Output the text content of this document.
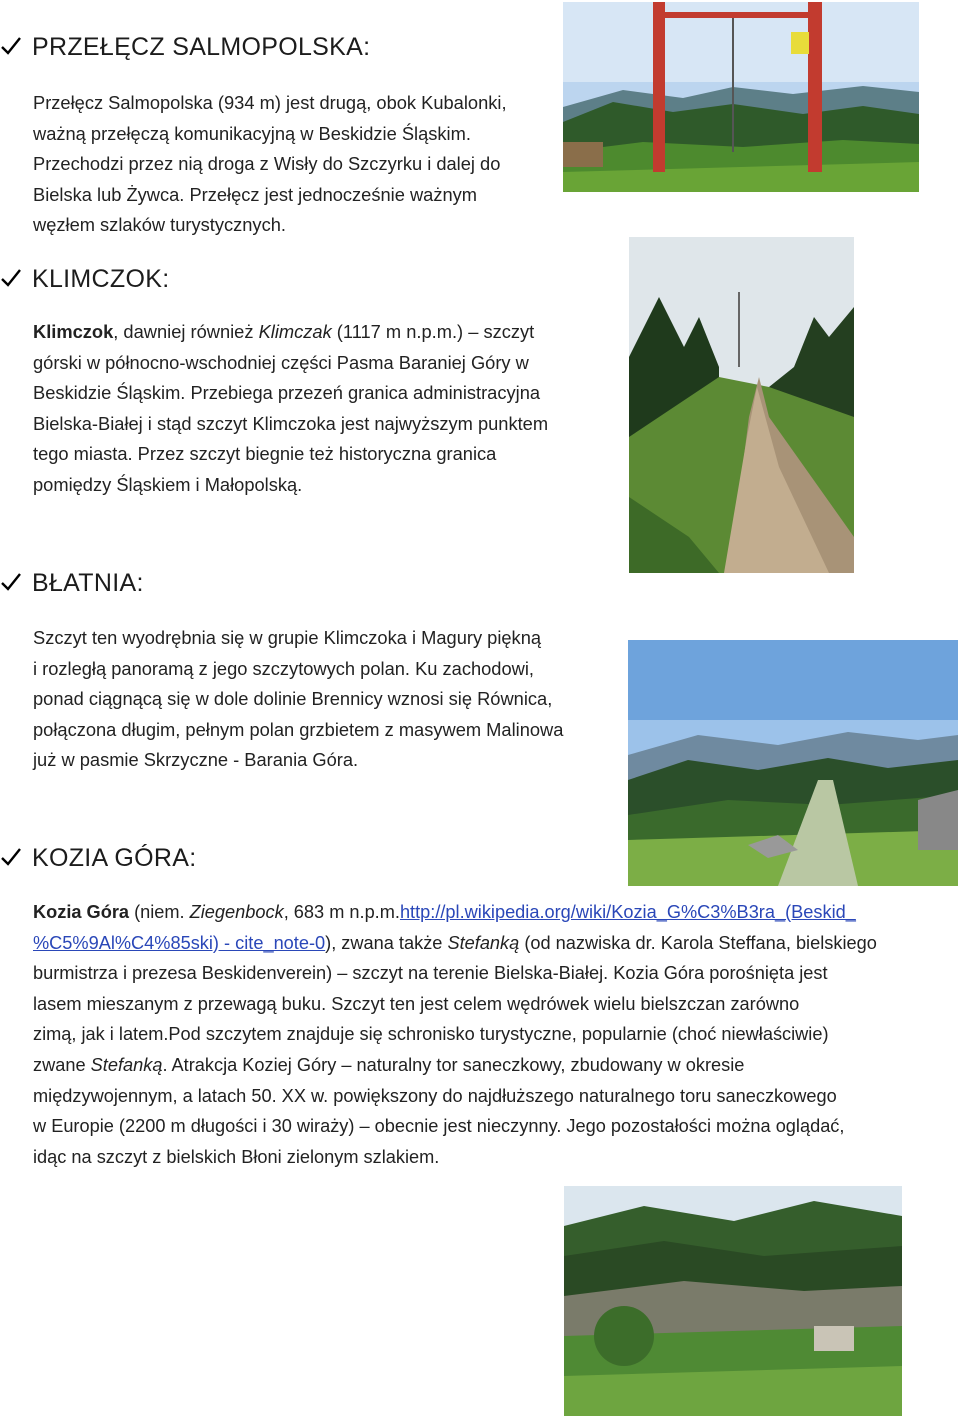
PRZEŁĘCZ SALMOPOLSKA:
Przełęcz Salmopolska (934 m) jest drugą, obok Kubalonki,
ważną przełęczą komunikacyjną w Beskidzie Śląskim.
Przechodzi przez nią droga z Wisły do Szczyrku i dalej do
Bielska lub Żywca. Przełęcz jest jednocześnie ważnym
węzłem szlaków turystycznych.
KLIMCZOK:
Klimczok, dawniej również Klimczak (1117 m n.p.m.) – szczyt
górski w północno-wschodniej części Pasma Baraniej Góry w
Beskidzie Śląskim. Przebiega przezeń granica administracyjna
Bielska-Białej i stąd szczyt Klimczoka jest najwyższym punktem
tego miasta. Przez szczyt biegnie też historyczna granica
pomiędzy Śląskiem i Małopolską.
BŁATNIA:
Szczyt ten wyodrębnia się w grupie Klimczoka i Magury piękną
i rozległą panoramą z jego szczytowych polan. Ku zachodowi,
ponad ciągnącą się w dole dolinie Brennicy wznosi się Równica,
połączona długim, pełnym polan grzbietem z masywem Malinowa
już w pasmie Skrzyczne - Barania Góra.
KOZIA GÓRA:
Kozia Góra (niem. Ziegenbock, 683 m n.p.m.http://pl.wikipedia.org/wiki/Kozia_G%C3%B3ra_(Beskid_
%C5%9Al%C4%85ski) - cite_note-0), zwana także Stefanką (od nazwiska dr. Karola Steffana, bielskiego
burmistrza i prezesa Beskidenverein) – szczyt na terenie Bielska-Białej. Kozia Góra porośnięta jest
lasem mieszanym z przewagą buku. Szczyt ten jest celem wędrówek wielu bielszczan zarówno
zimą, jak i latem.Pod szczytem znajduje się schronisko turystyczne, popularnie (choć niewłaściwie)
zwane Stefanką. Atrakcja Koziej Góry – naturalny tor saneczkowy, zbudowany w okresie
międzywojennym, a latach 50. XX w. powiększony do najdłuższego naturalnego toru saneczkowego
w Europie (2200 m długości i 30 wiraży) – obecnie jest nieczynny. Jego pozostałości można oglądać,
idąc na szczyt z bielskich Błoni zielonym szlakiem.
